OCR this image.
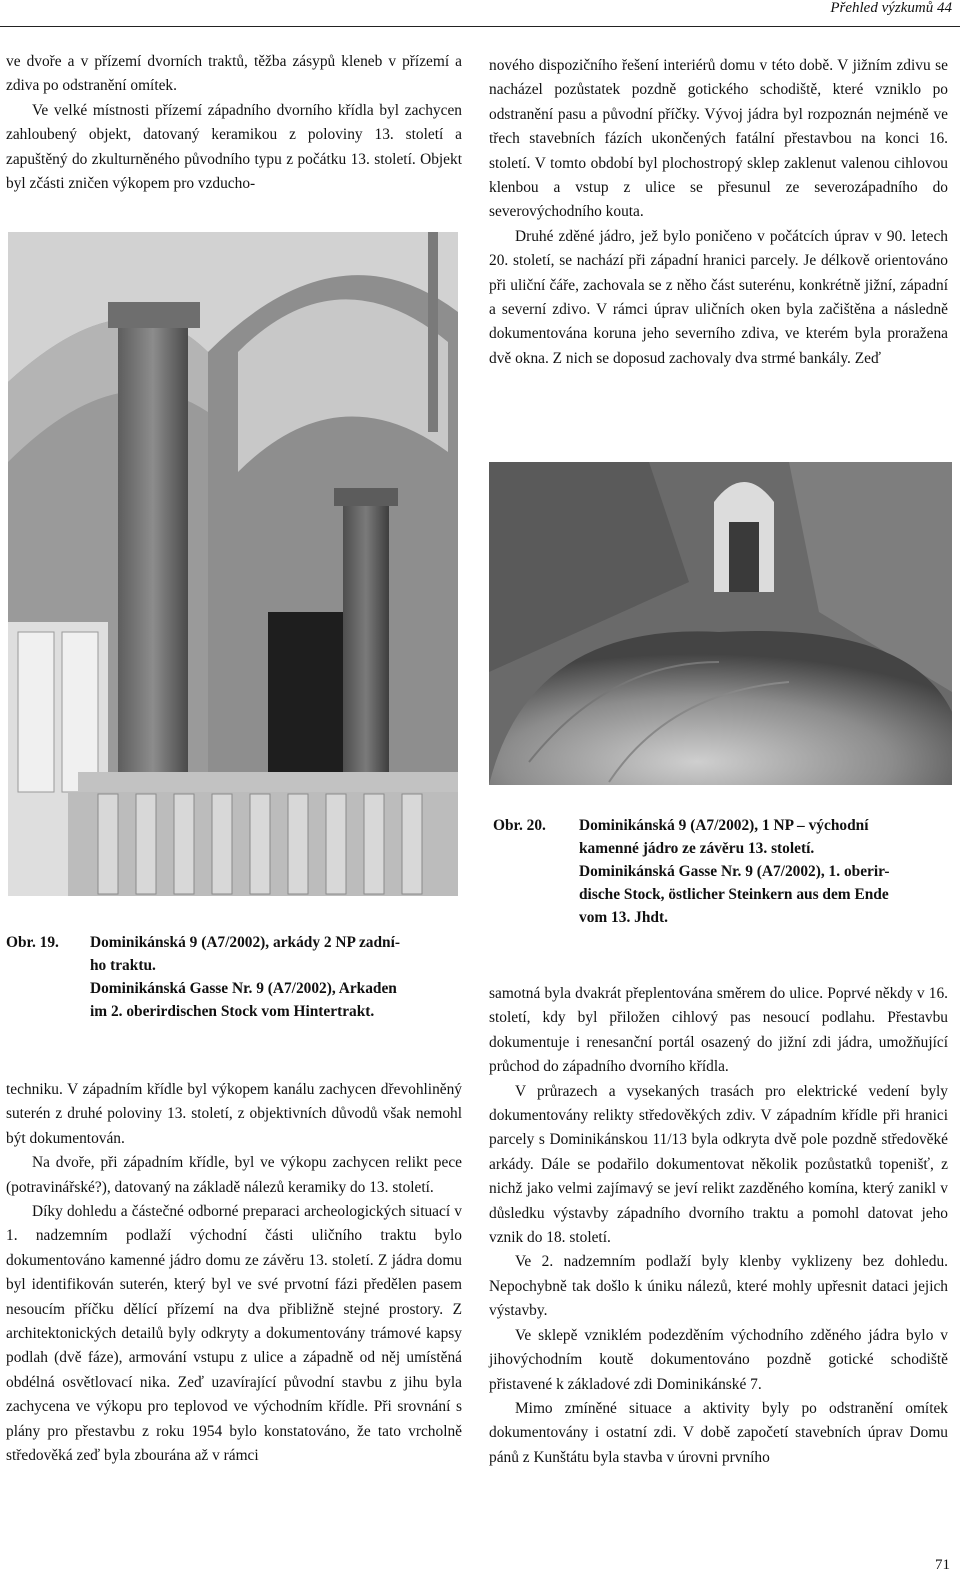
Přehled výzkumů 44

ve dvoře a v přízemí dvorních traktů, těžba zásypů kleneb v přízemí a zdiva po odstranění omítek.

Ve velké místnosti přízemí západního dvorního křídla byl zachycen zahloubený objekt, datovaný keramikou z poloviny 13. století a zapuštěný do zkulturněného původního typu z počátku 13. století. Objekt byl zčásti zničen výkopem pro vzducho-

Obr. 19.	Dominikánská 9 (A7/2002), arkády 2 NP zadní-
ho traktu.
Dominikánská Gasse Nr. 9 (A7/2002), Arkaden
im 2. oberirdischen Stock vom Hintertrakt.

techniku. V západním křídle byl výkopem kanálu zachycen dřevohliněný suterén z druhé poloviny 13. století, z objektivních důvodů však nemohl být dokumentován.

Na dvoře, při západním křídle, byl ve výkopu zachycen relikt pece (potravinářské?), datovaný na základě nálezů keramiky do 13. století.

Díky dohledu a částečné odborné preparaci archeologických situací v 1. nadzemním podlaží východní části uličního traktu bylo dokumentováno kamenné jádro domu ze závěru 13. století. Z jádra domu byl identifikován suterén, který byl ve své prvotní fázi předělen pasem nesoucím příčku dělící přízemí na dva přibližně stejné prostory. Z architektonických detailů byly odkryty a dokumentovány trámové kapsy podlah (dvě fáze), armování vstupu z ulice a západně od něj umístěná obdélná osvětlovací nika. Zeď uzavírající původní stavbu z jihu byla zachycena ve výkopu pro teplovod ve východním křídle. Při srovnání s plány pro přestavbu z roku 1954 bylo konstatováno, že tato vrcholně středověká zeď byla zbourána až v rámci

nového dispozičního řešení interiérů domu v této době. V jižním zdivu se nacházel pozůstatek pozdně gotického schodiště, které vzniklo po odstranění pasu a původní příčky. Vývoj jádra byl rozpoznán nejméně ve třech stavebních fázích ukončených fatální přestavbou na konci 16. století. V tomto období byl plochostropý sklep zaklenut valenou cihlovou klenbou a vstup z ulice se přesunul ze severozápadního do severovýchodního kouta.

Druhé zděné jádro, jež bylo poničeno v počátcích úprav v 90. letech 20. století, se nachází při západní hranici parcely. Je délkově orientováno při uliční čáře, zachovala se z něho část suterénu, konkrétně jižní, západní a severní zdivo. V rámci úprav uličních oken byla začištěna a následně dokumentována koruna jeho severního zdiva, ve kterém byla proražena dvě okna. Z nich se doposud zachovaly dva strmé bankály. Zeď

Obr. 20.	Dominikánská 9 (A7/2002), 1 NP – východní
kamenné jádro ze závěru 13. století.
Dominikánská Gasse Nr. 9 (A7/2002), 1. oberir-
dische Stock, östlicher Steinkern aus dem Ende
vom 13. Jhdt.

samotná byla dvakrát přeplentována směrem do ulice. Poprvé někdy v 16. století, kdy byl přiložen cihlový pas nesoucí podlahu. Přestavbu dokumentuje i renesanční portál osazený do jižní zdi jádra, umožňující průchod do západního dvorního křídla.

V průrazech a vysekaných trasách pro elektrické vedení byly dokumentovány relikty středověkých zdiv. V západním křídle při hranici parcely s Dominikánskou 11/13 byla odkryta dvě pole pozdně středověké arkády. Dále se podařilo dokumentovat několik pozůstatků topenišť, z nichž jako velmi zajímavý se jeví relikt zazděného komína, který zanikl v důsledku výstavby západního dvorního traktu a pomohl datovat jeho vznik do 18. století.

Ve 2. nadzemním podlaží byly klenby vyklizeny bez dohledu. Nepochybně tak došlo k úniku nálezů, které mohly upřesnit dataci jejich výstavby.

Ve sklepě vzniklém podezděním východního zděného jádra bylo v jihovýchodním koutě dokumentováno pozdně gotické schodiště přistavené k základové zdi Dominikánské 7.

Mimo zmíněné situace a aktivity byly po odstranění omítek dokumentovány i ostatní zdi. V době započetí stavebních úprav Domu pánů z Kunštátu byla stavba v úrovni prvního

71
